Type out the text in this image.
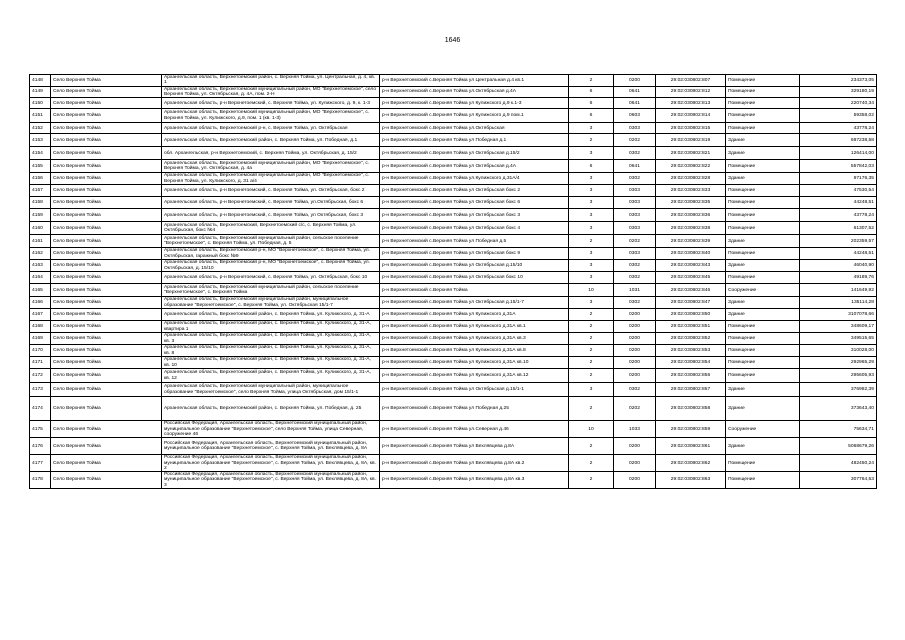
1646
4148	Село Верхняя Тойма	Архангельская область, Верхнетоемский район, с. Верхняя Тойма, ул. Центральная, д. 4, кв. 1	р-н Верхнетоемский с.Верхняя Тойма ул Центральная д.4 кв.1	2	0200	29:02:030802:807	Помещение	234373,05
4149	Село Верхняя Тойма	Архангельская область, Верхнетоемский муниципальный район, МО "Верхнетоемское", село Верхняя Тойма, ул. Октябрьская, д. 4А, пом. 2-Н	р-н Верхнетоемский с.Верхняя Тойма ул.Октябрьская д.4А	6	0641	29:02:030802:812	Помещение	329180,19
4150	Село Верхняя Тойма	Архангельская область, р-н Верхнетоемский, с. Верхняя Тойма, ул. Кулижского, д. 9, к. 1-3	р-н Верхнетоемский с.Верхняя Тойма ул Кулижского д.9 к.1-3	6	0641	29:02:030802:813	Помещение	220740,34
4151	Село Верхняя Тойма	Архангельская область, Верхнетоемский муниципальный район, МО "Верхнетоемское", с. Верхняя Тойма, ул. Кулижского, д.9, пом. 1 (кв. 1-3)	р-н Верхнетоемский с.Верхняя Тойма ул Кулижского д.9 пом.1	6	0603	29:02:030802:814	Помещение	59358,02
4152	Село Верхняя Тойма	Архангельская область, Верхнетоемский р-н, с. Верхняя Тойма, ул. Октябрьская	р-н Верхнетоемский с.Верхняя Тойма ул.Октябрьская	3	0303	29:02:030802:815	Помещение	43778,24
4153	Село Верхняя Тойма	Архангельская область, Верхнетоемский район, с. Верхняя Тойма, ул. Победная, д.1	р-н Верхнетоемский с.Верхняя Тойма ул Победная д.1	2	0202	29:02:030802:819	Здание	687238,58
4154	Село Верхняя Тойма	обл. Архангельская, р-н Верхнетоемский, с. Верхняя Тойма, ул. Октябрьская, д. 15/2	р-н Верхнетоемский с.Верхняя Тойма ул Октябрьская д.15/2	3	0302	29:02:030802:821	Здание	126414,00
4155	Село Верхняя Тойма	Архангельская область, Верхнетоемский муниципальный район, МО "Верхнетоемское", с. Верхняя Тойма, ул. Октябрьская, д. 4а	р-н Верхнетоемский с.Верхняя Тойма ул Октябрьская д.4А	6	0641	29:02:030802:822	Помещение	557842,03
4156	Село Верхняя Тойма	Архангельская область, Верхнетоемский муниципальный район, МО "Верхнетоемское", с. Верхняя Тойма, ул. Кулижского, д. 31 а/4	р-н Верхнетоемский с.Верхняя Тойма ул.Кулижского д.31А/4	3	0302	29:02:030802:828	Здание	97176,35
4157	Село Верхняя Тойма	Архангельская область, р-н Верхнетоемский, с. Верхняя Тойма, ул. Октябрьская, бокс 2	р-н Верхнетоемский с.Верхняя Тойма ул Октябрьская бокс 2	3	0303	29:02:030802:833	Помещение	47530,54
4158	Село Верхняя Тойма	Архангельская область, р-н Верхнетоемский, с. Верхняя Тойма, ул.Октябрьская, бокс 6	р-н Верхнетоемский с.Верхняя Тойма ул Октябрьская бокс 6	3	0303	29:02:030802:835	Помещение	44248,51
4159	Село Верхняя Тойма	Архангельская область, р-н Верхнетоемский, с. Верхняя Тойма, ул Октябрьская, бокс 3	р-н Верхнетоемский с.Верхняя Тойма ул Октябрьская бокс 3	3	0303	29:02:030802:836	Помещение	43778,24
4160	Село Верхняя Тойма	Архангельская область, Верхнетоемский, Верхнетоемский с/с, с. Верхняя Тойма, ул. Октябрьская, бокс №4	р-н Верхнетоемский с.Верхняя Тойма ул Октябрьская бокс 4	3	0303	29:02:030802:838	Помещение	61307,52
4161	Село Верхняя Тойма	Архангельская область, Верхнетоемский муниципальный район, сельское поселение "Верхнетоемское", с. Верхняя Тойма, ул. Победная, д. 5	р-н Верхнетоемский с.Верхняя Тойма ул Победная д.5	2	0202	29:02:030802:839	Здание	202359,57
4162	Село Верхняя Тойма	Архангельская область, Верхнетоемский р-н, МО "Верхнетоемское", с. Верхняя Тойма, ул. Октябрьская, гаражный бокс №9	р-н Верхнетоемский с.Верхняя Тойма ул Октябрьская бокс 9	3	0303	29:02:030802:840	Помещение	44248,51
4163	Село Верхняя Тойма	Архангельская область, Верхнетоемский р-н, МО "Верхнетоемское", с. Верхняя Тойма, ул. Октябрьская, д. 15/10	р-н Верхнетоемский с.Верхняя Тойма ул Октябрьская д.15/10	3	0302	29:02:030802:843	Здание	46040,90
4164	Село Верхняя Тойма	Архангельская область, р-н Верхнетоемский, с. Верхняя Тойма, ул. Октябрьская, бокс 10	р-н Верхнетоемский с.Верхняя Тойма ул Октябрьская бокс 10	3	0302	29:02:030802:845	Помещение	49189,76
4165	Село Верхняя Тойма	Архангельская область, Верхнетоемский муниципальный район, сельское поселение "Верхнетоемское", с. Верхняя Тойма	р-н Верхнетоемский с.Верхняя Тойма	10	1031	29:02:030802:846	Сооружение	141649,92
4166	Село Верхняя Тойма	Архангельская область, Верхнетоемский муниципальный район, муниципальное образование "Верхнетоемское", с. Верхняя Тойма, ул. Октябрьская 15/1-7	р-н Верхнетоемский с.Верхняя Тойма ул Октябрьская д.15/1-7	3	0302	29:02:030802:847	Здание	135114,28
4167	Село Верхняя Тойма	Архангельская область, Верхнетоемский район, с. Верхняя Тойма, ул. Кулижского, д. 31-А	р-н Верхнетоемский с.Верхняя Тойма ул Кулижского д.31А	2	0200	29:02:030802:850	Здание	3107078,66
4168	Село Верхняя Тойма	Архангельская область, Верхнетоемский район, с. Верхняя Тойма, ул. Кулижского, д. 31-А, квартира 1	р-н Верхнетоемский с.Верхняя Тойма ул Кулижского д.31А кв.1	2	0200	29:02:030802:851	Помещение	348609,17
4169	Село Верхняя Тойма	Архангельская область, Верхнетоемский район, с. Верхняя Тойма, ул. Кулижского, д. 31-А, кв. 3	р-н Верхнетоемский с.Верхняя Тойма ул Кулижского д.31А кв.3	2	0200	29:02:030802:852	Помещение	349515,65
4170	Село Верхняя Тойма	Архангельская область, Верхнетоемский район, с. Верхняя Тойма, ул. Кулижского, д. 31-А, кв. 8	р-н Верхнетоемский с.Верхняя Тойма ул Кулижского д.31А кв.8	2	0200	29:02:030802:853	Помещение	310028,00
4171	Село Верхняя Тойма	Архангельская область, Верхнетоемский район, с. Верхняя Тойма, ул. Кулижского, д. 31-А, кв. 10	р-н Верхнетоемский с.Верхняя Тойма ул Кулижского д.31А кв.10	2	0200	29:02:030802:854	Помещение	292965,29
4172	Село Верхняя Тойма	Архангельская область, Верхнетоемский район, с. Верхняя Тойма, ул. Кулижского, д. 31-А, кв. 12	р-н Верхнетоемский с.Верхняя Тойма ул Кулижского д.31А кв.12	2	0200	29:02:030802:855	Помещение	295605,93
4173	Село Верхняя Тойма	Архангельская область, Верхнетоемский муниципальный район, муниципальное образование "Верхнетоемское", село Верхняя Тойма, улица Октябрьская, дом 15/1-1	р-н Верхнетоемский с.Верхняя Тойма ул Октябрьская д.15/1-1	3	0302	29:02:030802:857	Здание	376982,39
4174	Село Верхняя Тойма	Архангельская область, Верхнетоемский район, с. Верхняя Тойма, ул. Победная, д. 25	р-н Верхнетоемский с.Верхняя Тойма ул Победная д.25	2	0202	29:02:030802:858	Здание	373643,40
4175	Село Верхняя Тойма	Российская Федерация, Архангельская область, Верхнетоемский муниципальный район, муниципальное образование "Верхнетоемское", село Верхняя Тойма, улица Северная, сооружение 46	р-н Верхнетоемский с.Верхняя Тойма ул.Северная д.46	10	1033	29:02:030802:859	Сооружение	75634,71
4176	Село Верхняя Тойма	Российская Федерация, Архангельская область, Верхнетоемский муниципальный район, муниципальное образование "Верхнетоемское", с. Верхняя Тойма, ул. Вехлявцева, д. 8А	р-н Верхнетоемский с.Верхняя Тойма ул Вехлявцева д.8А	2	0200	29:02:030802:861	Здание	5068679,26
4177	Село Верхняя Тойма	Российская Федерация, Архангельская область, Верхнетоемский муниципальный район, муниципальное образование "Верхнетоемское", с. Верхняя Тойма, ул. Вехлявцева, д. 8А, кв. 2	р-н Верхнетоемский с.Верхняя Тойма ул Вехлявцева д.8А кв.2	2	0200	29:02:030802:862	Помещение	482450,24
4178	Село Верхняя Тойма	Российская Федерация, Архангельская область, Верхнетоемский муниципальный район, муниципальное образование "Верхнетоемское", с. Верхняя Тойма, ул. Вехлявцева, д. 8А, кв. 3	р-н Верхнетоемский с.Верхняя Тойма ул Вехлявцева д.8А кв.3	2	0200	29:02:030802:863	Помещение	307764,53
